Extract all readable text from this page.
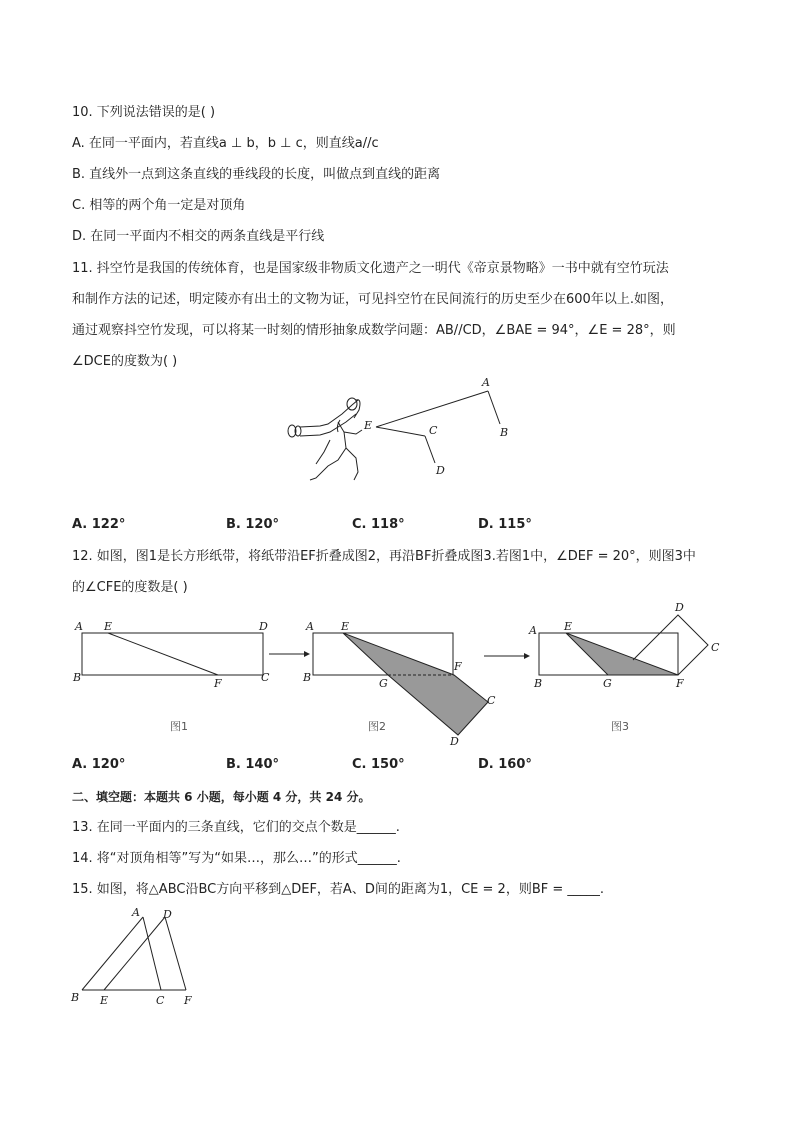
10. 下列说法错误的是( )
A. 在同一平面内，若直线a ⊥ b，b ⊥ c，则直线a//c
B. 直线外一点到这条直线的垂线段的长度，叫做点到直线的距离
C. 相等的两个角一定是对顶角
D. 在同一平面内不相交的两条直线是平行线
11. 抖空竹是我国的传统体育，也是国家级非物质文化遗产之一明代《帝京景物略》一书中就有空竹玩法
和制作方法的记述，明定陵亦有出土的文物为证，可见抖空竹在民间流行的历史至少在600年以上.如图，
通过观察抖空竹发现，可以将某一时刻的情形抽象成数学问题：AB//CD，∠BAE = 94°，∠E = 28°，则
∠DCE的度数为( )
A
B
C
D
E
A. 122°	B. 120°	C. 118°	D. 115°
12. 如图，图1是长方形纸带，将纸带沿EF折叠成图2，再沿BF折叠成图3.若图1中，∠DEF = 20°，则图3中
的∠CFE的度数是( )
A E	D
B	F	C
图1
A E
B	G
F
C
D
图2
A E
D
C
B	G	F
图3
A. 120°	B. 140°	C. 150°	D. 160°
二、填空题：本题共 6 小题，每小题 4 分，共 24 分。
13. 在同一平面内的三条直线，它们的交点个数是______.
14. 将“对顶角相等”写为“如果…，那么…”的形式______.
15. 如图，将△ABC沿BC方向平移到△DEF，若A、D间的距离为1，CE = 2，则BF = _____.
A D
B E	C F
